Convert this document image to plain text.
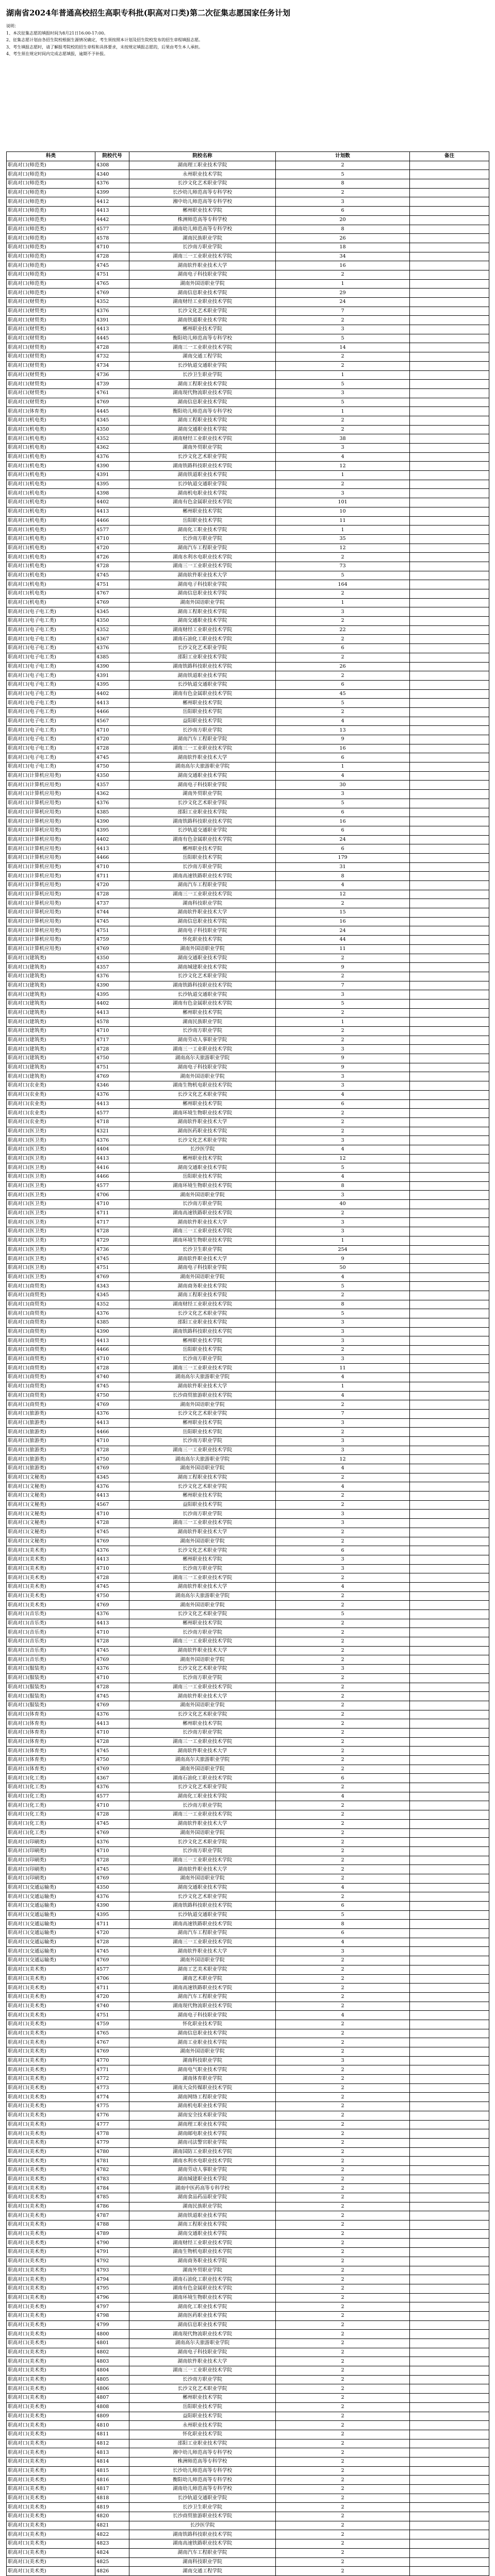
湖南省2024年普通高校招生高职专科批(职高对口类)第二次征集志愿国家任务计划

说明：

1、本次征集志愿的填报时间为8月21日16:00-17:00。

2、征集志愿计划由各招生院校根据生源情况确定，考生须按照本计划及招生院校发布的招生章程填报志愿。

3、考生填报志愿时，请了解报考院校的招生章程和具体要求，未按规定填报志愿的，后果由考生本人承担。

4、考生须在规定时间内完成志愿填报，逾期不予补报。

科类	院校代号	院校名称	计划数	备注
职高对口(师范类)	4308	湖南理工职业技术学院	2	
职高对口(师范类)	4340	永州职业技术学院	5	
职高对口(师范类)	4376	长沙文化艺术职业学院	8	
职高对口(师范类)	4399	长沙幼儿师范高等专科学校	2	
职高对口(师范类)	4412	湘中幼儿师范高等专科学校	3	
职高对口(师范类)	4413	郴州职业技术学院	6	
职高对口(师范类)	4442	株洲师范高等专科学校	20	
职高对口(师范类)	4577	湖南幼儿师范高等专科学校	8	
职高对口(师范类)	4578	湖南民族职业学院	26	
职高对口(师范类)	4710	长沙南方职业学院	18	
职高对口(师范类)	4728	湖南三一工业职业技术学院	34	
职高对口(师范类)	4745	湖南软件职业技术大学	16	
职高对口(师范类)	4751	湖南电子科技职业学院	2	
职高对口(师范类)	4765	湖南外国语职业学院	1	
职高对口(师范类)	4769	湖南信息职业技术学院	29	
职高对口(财贸类)	4352	湖南财经工业职业技术学院	24	
职高对口(财贸类)	4376	长沙文化艺术职业学院	7	
职高对口(财贸类)	4391	湖南铁道职业技术学院	2	
职高对口(财贸类)	4413	郴州职业技术学院	3	
职高对口(财贸类)	4445	衡阳幼儿师范高等专科学校	5	
职高对口(财贸类)	4728	湖南三一工业职业技术学院	14	
职高对口(财贸类)	4732	湖南交通工程学院	2	
职高对口(财贸类)	4734	长沙轨道交通职业学院	2	
职高对口(财贸类)	4736	长沙卫生职业学院	1	
职高对口(财贸类)	4739	湖南工程职业技术学院	5	
职高对口(财贸类)	4761	湖南现代物流职业技术学院	3	
职高对口(财贸类)	4769	湖南信息职业技术学院	5	
职高对口(体育类)	4445	衡阳幼儿师范高等专科学校	1	
职高对口(机电类)	4345	湖南工程职业技术学院	2	
职高对口(机电类)	4350	湖南交通职业技术学院	2	
职高对口(机电类)	4352	湖南财经工业职业技术学院	38	
职高对口(机电类)	4362	湖南外贸职业学院	3	
职高对口(机电类)	4376	长沙文化艺术职业学院	4	
职高对口(机电类)	4390	湖南铁路科技职业技术学院	12	
职高对口(机电类)	4391	湖南铁道职业技术学院	1	
职高对口(机电类)	4395	长沙轨道交通职业学院	2	
职高对口(机电类)	4398	湖南机电职业技术学院	3	
职高对口(机电类)	4402	湖南有色金属职业技术学院	101	
职高对口(机电类)	4413	郴州职业技术学院	10	
职高对口(机电类)	4466	岳阳职业技术学院	11	
职高对口(机电类)	4577	湖南化工职业技术学院	1	
职高对口(机电类)	4710	长沙南方职业学院	35	
职高对口(机电类)	4720	湖南汽车工程职业学院	12	
职高对口(机电类)	4726	湖南水利水电职业技术学院	2	
职高对口(机电类)	4728	湖南三一工业职业技术学院	73	
职高对口(机电类)	4745	湖南软件职业技术大学	5	
职高对口(机电类)	4751	湖南电子科技职业学院	164	
职高对口(机电类)	4767	湖南信息职业技术学院	2	
职高对口(机电类)	4769	湖南外国语职业学院	1	
职高对口(电子电工类)	4345	湖南工程职业技术学院	3	
职高对口(电子电工类)	4350	湖南交通职业技术学院	2	
职高对口(电子电工类)	4352	湖南财经工业职业技术学院	22	
职高对口(电子电工类)	4367	湖南石油化工职业技术学院	2	
职高对口(电子电工类)	4376	长沙文化艺术职业学院	6	
职高对口(电子电工类)	4385	邵阳工业职业技术学院	2	
职高对口(电子电工类)	4390	湖南铁路科技职业技术学院	26	
职高对口(电子电工类)	4391	湖南铁道职业技术学院	2	
职高对口(电子电工类)	4395	长沙轨道交通职业学院	6	
职高对口(电子电工类)	4402	湖南有色金属职业技术学院	45	
职高对口(电子电工类)	4413	郴州职业技术学院	5	
职高对口(电子电工类)	4466	岳阳职业技术学院	2	
职高对口(电子电工类)	4567	益阳职业技术学院	4	
职高对口(电子电工类)	4710	长沙南方职业学院	13	
职高对口(电子电工类)	4720	湖南汽车工程职业学院	9	
职高对口(电子电工类)	4728	湖南三一工业职业技术学院	16	
职高对口(电子电工类)	4745	湖南软件职业技术大学	6	
职高对口(电子电工类)	4750	湖南高尔夫旅游职业学院	1	
职高对口(计算机应用类)	4350	湖南交通职业技术学院	4	
职高对口(计算机应用类)	4357	湖南电子科技职业学院	30	
职高对口(计算机应用类)	4362	湖南外贸职业学院	3	
职高对口(计算机应用类)	4376	长沙文化艺术职业学院	5	
职高对口(计算机应用类)	4385	邵阳工业职业技术学院	6	
职高对口(计算机应用类)	4390	湖南铁路科技职业技术学院	16	
职高对口(计算机应用类)	4395	长沙轨道交通职业学院	6	
职高对口(计算机应用类)	4402	湖南有色金属职业技术学院	24	
职高对口(计算机应用类)	4413	郴州职业技术学院	6	
职高对口(计算机应用类)	4466	岳阳职业技术学院	179	
职高对口(计算机应用类)	4710	长沙南方职业学院	31	
职高对口(计算机应用类)	4711	湖南高速铁路职业技术学院	8	
职高对口(计算机应用类)	4720	湖南汽车工程职业学院	4	
职高对口(计算机应用类)	4728	湖南三一工业职业技术学院	12	
职高对口(计算机应用类)	4737	湖南科技职业学院	2	
职高对口(计算机应用类)	4744	湖南软件职业技术大学	15	
职高对口(计算机应用类)	4745	湖南信息职业技术学院	16	
职高对口(计算机应用类)	4751	湖南电子科技职业学院	24	
职高对口(计算机应用类)	4759	怀化职业技术学院	44	
职高对口(计算机应用类)	4769	湖南外国语职业学院	11	
职高对口(建筑类)	4350	湖南交通职业技术学院	2	
职高对口(建筑类)	4357	湖南城建职业技术学院	9	
职高对口(建筑类)	4376	长沙文化艺术职业学院	2	
职高对口(建筑类)	4390	湖南铁路科技职业技术学院	7	
职高对口(建筑类)	4395	长沙轨道交通职业学院	3	
职高对口(建筑类)	4402	湖南有色金属职业技术学院	5	
职高对口(建筑类)	4413	郴州职业技术学院	2	
职高对口(建筑类)	4578	湖南民族职业学院	1	
职高对口(建筑类)	4710	长沙南方职业学院	2	
职高对口(建筑类)	4717	湖南劳动人事职业学院	2	
职高对口(建筑类)	4728	湖南三一工业职业技术学院	3	
职高对口(建筑类)	4750	湖南高尔夫旅游职业学院	9	
职高对口(建筑类)	4751	湖南电子科技职业学院	9	
职高对口(建筑类)	4769	湖南外国语职业学院	3	
职高对口(农业类)	4346	湖南生物机电职业技术学院	3	
职高对口(农业类)	4376	长沙文化艺术职业学院	4	
职高对口(农业类)	4413	郴州职业技术学院	6	
职高对口(农业类)	4577	湖南环境生物职业技术学院	2	
职高对口(农业类)	4718	湖南软件职业技术大学	2	
职高对口(医卫类)	4321	湖南医药职业技术学院	2	
职高对口(医卫类)	4376	长沙文化艺术职业学院	3	
职高对口(医卫类)	4404	长沙医学院	4	
职高对口(医卫类)	4413	郴州职业技术学院	12	
职高对口(医卫类)	4416	湖南交通职业技术学院	5	
职高对口(医卫类)	4466	岳阳职业技术学院	4	
职高对口(医卫类)	4577	湖南环境生物职业技术学院	8	
职高对口(医卫类)	4706	湖南外国语职业学院	3	
职高对口(医卫类)	4710	长沙南方职业学院	40	
职高对口(医卫类)	4711	湖南高速铁路职业技术学院	2	
职高对口(医卫类)	4717	湖南软件职业技术大学	3	
职高对口(医卫类)	4728	湖南三一工业职业技术学院	3	
职高对口(医卫类)	4729	湖南环境生物职业技术学院	1	
职高对口(医卫类)	4736	长沙卫生职业学院	254	
职高对口(医卫类)	4745	湖南软件职业技术大学	9	
职高对口(医卫类)	4751	湖南电子科技职业学院	50	
职高对口(医卫类)	4769	湖南外国语职业学院	4	
职高对口(商贸类)	4343	湖南商务职业技术学院	5	
职高对口(商贸类)	4345	湖南工程职业技术学院	2	
职高对口(商贸类)	4352	湖南财经工业职业技术学院	8	
职高对口(商贸类)	4376	长沙文化艺术职业学院	5	
职高对口(商贸类)	4385	邵阳工业职业技术学院	3	
职高对口(商贸类)	4390	湖南铁路科技职业技术学院	3	
职高对口(商贸类)	4413	郴州职业技术学院	3	
职高对口(商贸类)	4466	岳阳职业技术学院	2	
职高对口(商贸类)	4710	长沙南方职业学院	3	
职高对口(商贸类)	4728	湖南三一工业职业技术学院	11	
职高对口(商贸类)	4740	湖南高尔夫旅游职业学院	4	
职高对口(商贸类)	4745	湖南软件职业技术大学	1	
职高对口(商贸类)	4750	长沙商贸旅游职业技术学院	4	
职高对口(商贸类)	4769	湖南外国语职业学院	2	
职高对口(旅游类)	4376	长沙文化艺术职业学院	7	
职高对口(旅游类)	4413	郴州职业技术学院	3	
职高对口(旅游类)	4466	岳阳职业技术学院	2	
职高对口(旅游类)	4710	长沙南方职业学院	3	
职高对口(旅游类)	4728	湖南三一工业职业技术学院	3	
职高对口(旅游类)	4750	湖南高尔夫旅游职业学院	12	
职高对口(旅游类)	4769	湖南外国语职业学院	4	
职高对口(文秘类)	4345	湖南工程职业技术学院	2	
职高对口(文秘类)	4376	长沙文化艺术职业学院	4	
职高对口(文秘类)	4413	郴州职业技术学院	2	
职高对口(文秘类)	4567	益阳职业技术学院	2	
职高对口(文秘类)	4710	长沙南方职业学院	3	
职高对口(文秘类)	4728	湖南三一工业职业技术学院	3	
职高对口(文秘类)	4745	湖南软件职业技术大学	2	
职高对口(文秘类)	4769	湖南外国语职业学院	2	
职高对口(美术类)	4376	长沙文化艺术职业学院	6	
职高对口(美术类)	4413	郴州职业技术学院	3	
职高对口(美术类)	4710	长沙南方职业学院	3	
职高对口(美术类)	4728	湖南三一工业职业技术学院	2	
职高对口(美术类)	4745	湖南软件职业技术大学	4	
职高对口(美术类)	4750	湖南高尔夫旅游职业学院	2	
职高对口(美术类)	4769	湖南外国语职业学院	2	
职高对口(音乐类)	4376	长沙文化艺术职业学院	5	
职高对口(音乐类)	4413	郴州职业技术学院	2	
职高对口(音乐类)	4710	长沙南方职业学院	2	
职高对口(音乐类)	4728	湖南三一工业职业技术学院	2	
职高对口(音乐类)	4745	湖南软件职业技术大学	2	
职高对口(音乐类)	4769	湖南外国语职业学院	2	
职高对口(服装类)	4376	长沙文化艺术职业学院	3	
职高对口(服装类)	4710	长沙南方职业学院	2	
职高对口(服装类)	4728	湖南三一工业职业技术学院	2	
职高对口(服装类)	4745	湖南软件职业技术大学	2	
职高对口(服装类)	4769	湖南外国语职业学院	2	
职高对口(体育类)	4376	长沙文化艺术职业学院	2	
职高对口(体育类)	4413	郴州职业技术学院	2	
职高对口(体育类)	4710	长沙南方职业学院	2	
职高对口(体育类)	4728	湖南三一工业职业技术学院	2	
职高对口(体育类)	4745	湖南软件职业技术大学	2	
职高对口(体育类)	4750	湖南高尔夫旅游职业学院	2	
职高对口(体育类)	4769	湖南外国语职业学院	2	
职高对口(化工类)	4367	湖南石油化工职业技术学院	6	
职高对口(化工类)	4376	长沙文化艺术职业学院	2	
职高对口(化工类)	4577	湖南化工职业技术学院	4	
职高对口(化工类)	4710	长沙南方职业学院	2	
职高对口(化工类)	4728	湖南三一工业职业技术学院	2	
职高对口(化工类)	4745	湖南软件职业技术大学	2	
职高对口(化工类)	4769	湖南外国语职业学院	2	
职高对口(印刷类)	4376	长沙文化艺术职业学院	2	
职高对口(印刷类)	4710	长沙南方职业学院	2	
职高对口(印刷类)	4728	湖南三一工业职业技术学院	2	
职高对口(印刷类)	4745	湖南软件职业技术大学	2	
职高对口(印刷类)	4769	湖南外国语职业学院	2	
职高对口(交通运输类)	4350	湖南交通职业技术学院	4	
职高对口(交通运输类)	4376	长沙文化艺术职业学院	2	
职高对口(交通运输类)	4390	湖南铁路科技职业技术学院	6	
职高对口(交通运输类)	4395	长沙轨道交通职业学院	5	
职高对口(交通运输类)	4711	湖南高速铁路职业技术学院	8	
职高对口(交通运输类)	4720	湖南汽车工程职业学院	6	
职高对口(交通运输类)	4728	湖南三一工业职业技术学院	4	
职高对口(交通运输类)	4745	湖南软件职业技术大学	3	
职高对口(交通运输类)	4769	湖南外国语职业学院	2	
职高对口(美术类)	4577	湖南工艺美术职业学院	2	
职高对口(美术类)	4706	湖南艺术职业学院	2	
职高对口(美术类)	4711	湖南高速铁路职业技术学院	2	
职高对口(美术类)	4720	湖南汽车工程职业学院	2	
职高对口(美术类)	4740	湖南现代物流职业技术学院	2	
职高对口(美术类)	4751	湖南电子科技职业学院	4	
职高对口(美术类)	4759	怀化职业技术学院	2	
职高对口(美术类)	4765	湖南信息职业技术学院	2	
职高对口(美术类)	4767	湖南工业职业技术学院	2	
职高对口(美术类)	4769	湖南外国语职业学院	2	
职高对口(美术类)	4770	湖南科技职业学院	3	
职高对口(美术类)	4771	湖南电气职业技术学院	2	
职高对口(美术类)	4772	湖南体育职业学院	2	
职高对口(美术类)	4773	湖南大众传媒职业技术学院	2	
职高对口(美术类)	4774	湖南网络工程职业学院	2	
职高对口(美术类)	4775	湖南机电职业技术学院	2	
职高对口(美术类)	4776	湖南安全技术职业学院	2	
职高对口(美术类)	4777	湖南理工职业技术学院	2	
职高对口(美术类)	4778	湖南邮电职业技术学院	2	
职高对口(美术类)	4779	湖南司法警官职业学院	2	
职高对口(美术类)	4780	湖南国防工业职业技术学院	2	
职高对口(美术类)	4781	湖南水利水电职业技术学院	2	
职高对口(美术类)	4782	湖南劳动人事职业学院	2	
职高对口(美术类)	4783	湖南城建职业技术学院	2	
职高对口(美术类)	4784	湖南中医药高等专科学校	2	
职高对口(美术类)	4785	湖南食品药品职业学院	2	
职高对口(美术类)	4786	湖南民族职业学院	2	
职高对口(美术类)	4787	湖南铁道职业技术学院	2	
职高对口(美术类)	4788	湖南工程职业技术学院	2	
职高对口(美术类)	4789	湖南交通职业技术学院	2	
职高对口(美术类)	4790	湖南财经工业职业技术学院	2	
职高对口(美术类)	4791	湖南生物机电职业技术学院	2	
职高对口(美术类)	4792	湖南商务职业技术学院	2	
职高对口(美术类)	4793	湖南外贸职业学院	2	
职高对口(美术类)	4794	湖南石油化工职业技术学院	2	
职高对口(美术类)	4795	湖南有色金属职业技术学院	2	
职高对口(美术类)	4796	湖南环境生物职业技术学院	2	
职高对口(美术类)	4797	湖南化工职业技术学院	2	
职高对口(美术类)	4798	湖南医药职业技术学院	2	
职高对口(美术类)	4799	湖南信息职业技术学院	2	
职高对口(美术类)	4800	湖南现代物流职业技术学院	2	
职高对口(美术类)	4801	湖南高尔夫旅游职业学院	2	
职高对口(美术类)	4802	湖南电子科技职业学院	2	
职高对口(美术类)	4803	湖南软件职业技术大学	2	
职高对口(美术类)	4804	湖南三一工业职业技术学院	2	
职高对口(美术类)	4805	长沙南方职业学院	2	
职高对口(美术类)	4806	长沙文化艺术职业学院	2	
职高对口(美术类)	4807	郴州职业技术学院	2	
职高对口(美术类)	4808	岳阳职业技术学院	2	
职高对口(美术类)	4809	益阳职业技术学院	2	
职高对口(美术类)	4810	永州职业技术学院	2	
职高对口(美术类)	4811	怀化职业技术学院	2	
职高对口(美术类)	4812	邵阳工业职业技术学院	2	
职高对口(美术类)	4813	湘中幼儿师范高等专科学校	2	
职高对口(美术类)	4814	株洲师范高等专科学校	2	
职高对口(美术类)	4815	长沙幼儿师范高等专科学校	2	
职高对口(美术类)	4816	衡阳幼儿师范高等专科学校	2	
职高对口(美术类)	4817	湖南幼儿师范高等专科学校	2	
职高对口(美术类)	4818	长沙轨道交通职业学院	2	
职高对口(美术类)	4819	长沙卫生职业学院	2	
职高对口(美术类)	4820	长沙商贸旅游职业技术学院	2	
职高对口(美术类)	4821	长沙医学院	2	
职高对口(美术类)	4822	湖南铁路科技职业技术学院	2	
职高对口(美术类)	4823	湖南高速铁路职业技术学院	2	
职高对口(美术类)	4824	湖南汽车工程职业学院	2	
职高对口(美术类)	4825	湖南科技职业学院	2	
职高对口(美术类)	4826	湖南交通工程学院	2	
